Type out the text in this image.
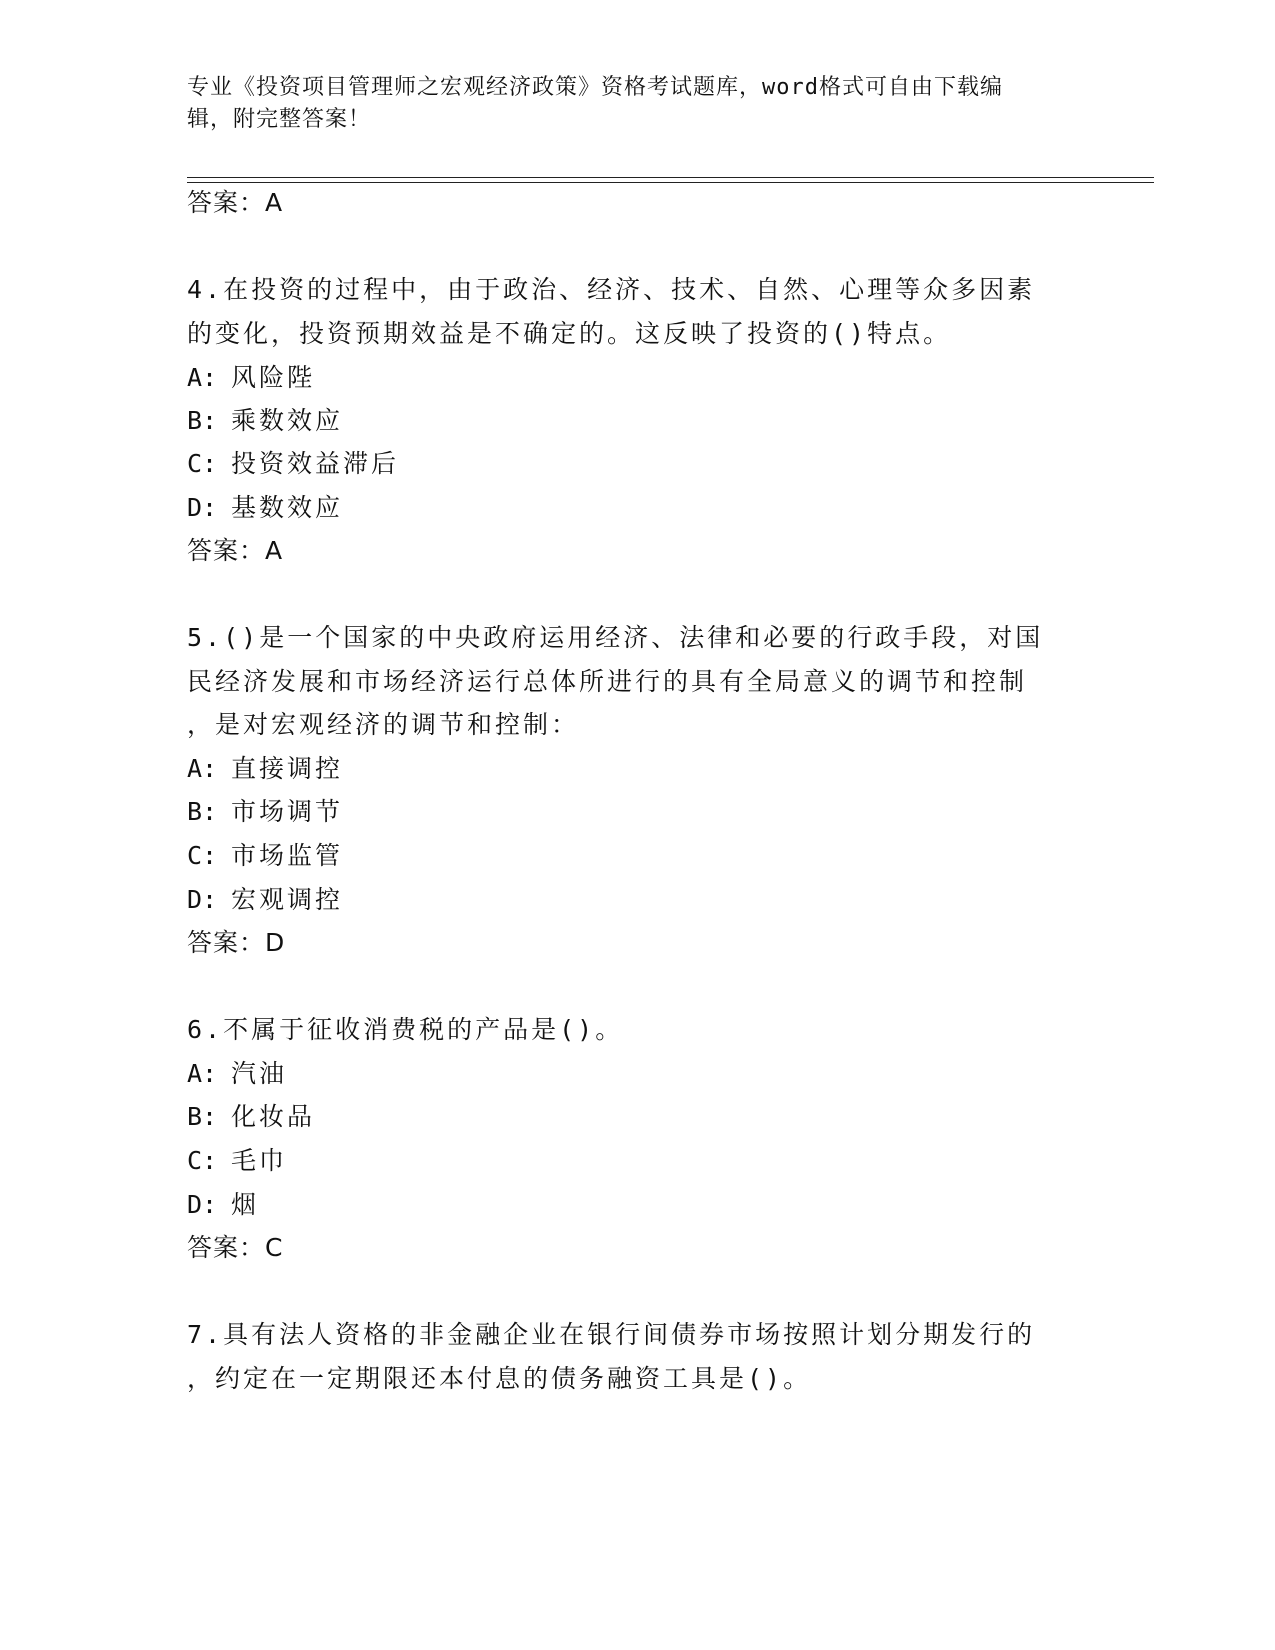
专业《投资项目管理师之宏观经济政策》资格考试题库，word格式可自由下载编
辑，附完整答案！
答案：A
4.在投资的过程中，由于政治、经济、技术、自然、心理等众多因素
的变化，投资预期效益是不确定的。这反映了投资的()特点。
A: 风险陛
B: 乘数效应
C: 投资效益滞后
D: 基数效应
答案：A
5.()是一个国家的中央政府运用经济、法律和必要的行政手段，对国
民经济发展和市场经济运行总体所进行的具有全局意义的调节和控制
，是对宏观经济的调节和控制：
A: 直接调控
B: 市场调节
C: 市场监管
D: 宏观调控
答案：D
6.不属于征收消费税的产品是()。
A: 汽油
B: 化妆品
C: 毛巾
D: 烟
答案：C
7.具有法人资格的非金融企业在银行间债券市场按照计划分期发行的
，约定在一定期限还本付息的债务融资工具是()。
